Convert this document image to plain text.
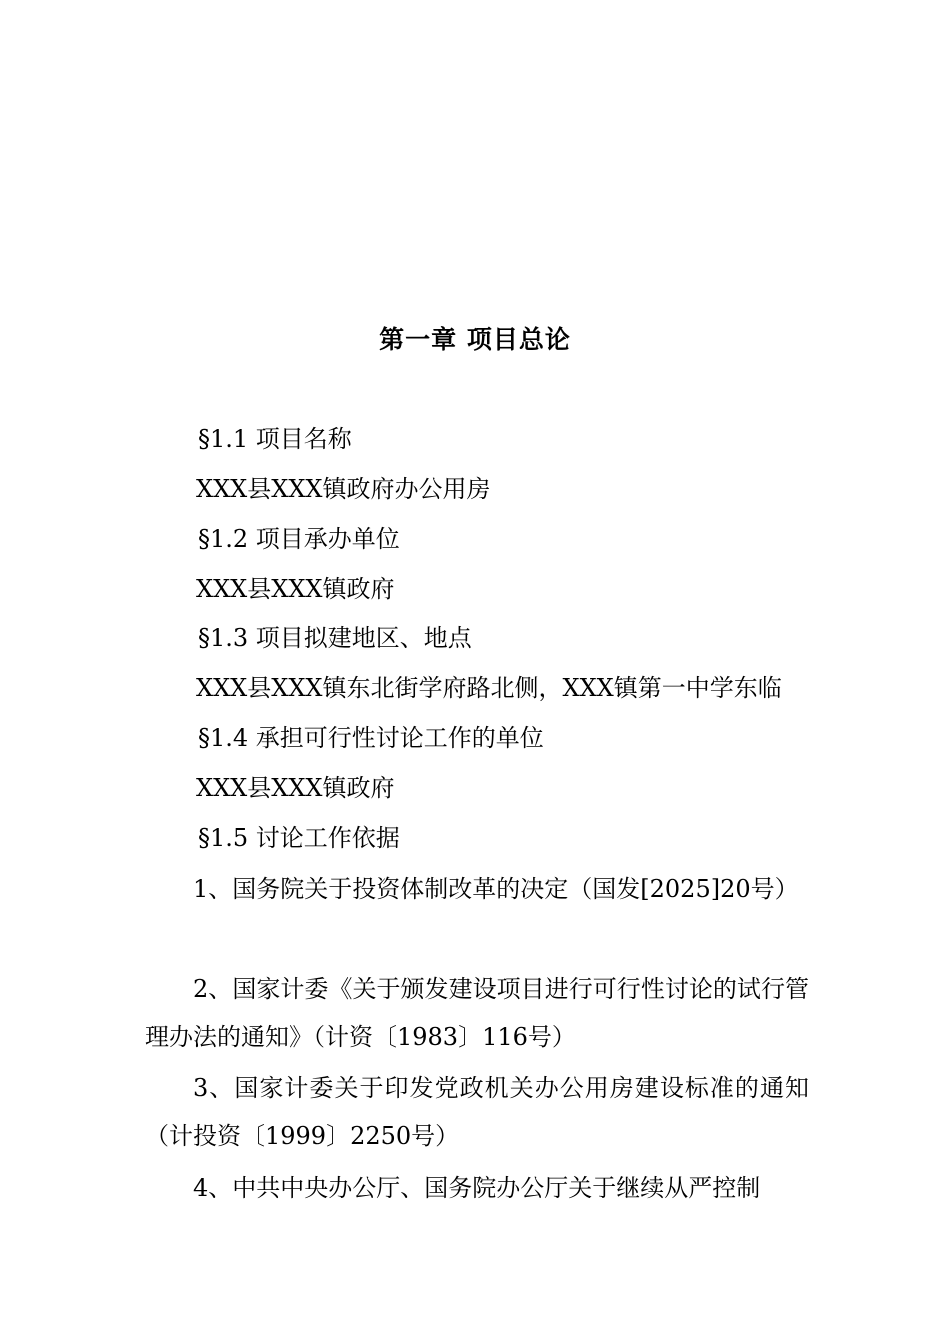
第一章 项目总论
§1.1 项目名称
XXX县XXX镇政府办公用房
§1.2 项目承办单位
XXX县XXX镇政府
§1.3 项目拟建地区、地点
XXX县XXX镇东北街学府路北侧，XXX镇第一中学东临
§1.4 承担可行性讨论工作的单位
XXX县XXX镇政府
§1.5 讨论工作依据
1、国务院关于投资体制改革的决定（国发[2025]20号）
2、国家计委《关于颁发建设项目进行可行性讨论的试行管理办法的通知》（计资〔1983〕116号）
3、国家计委关于印发党政机关办公用房建设标准的通知（计投资〔1999〕2250号）
4、中共中央办公厅、国务院办公厅关于继续从严控制
